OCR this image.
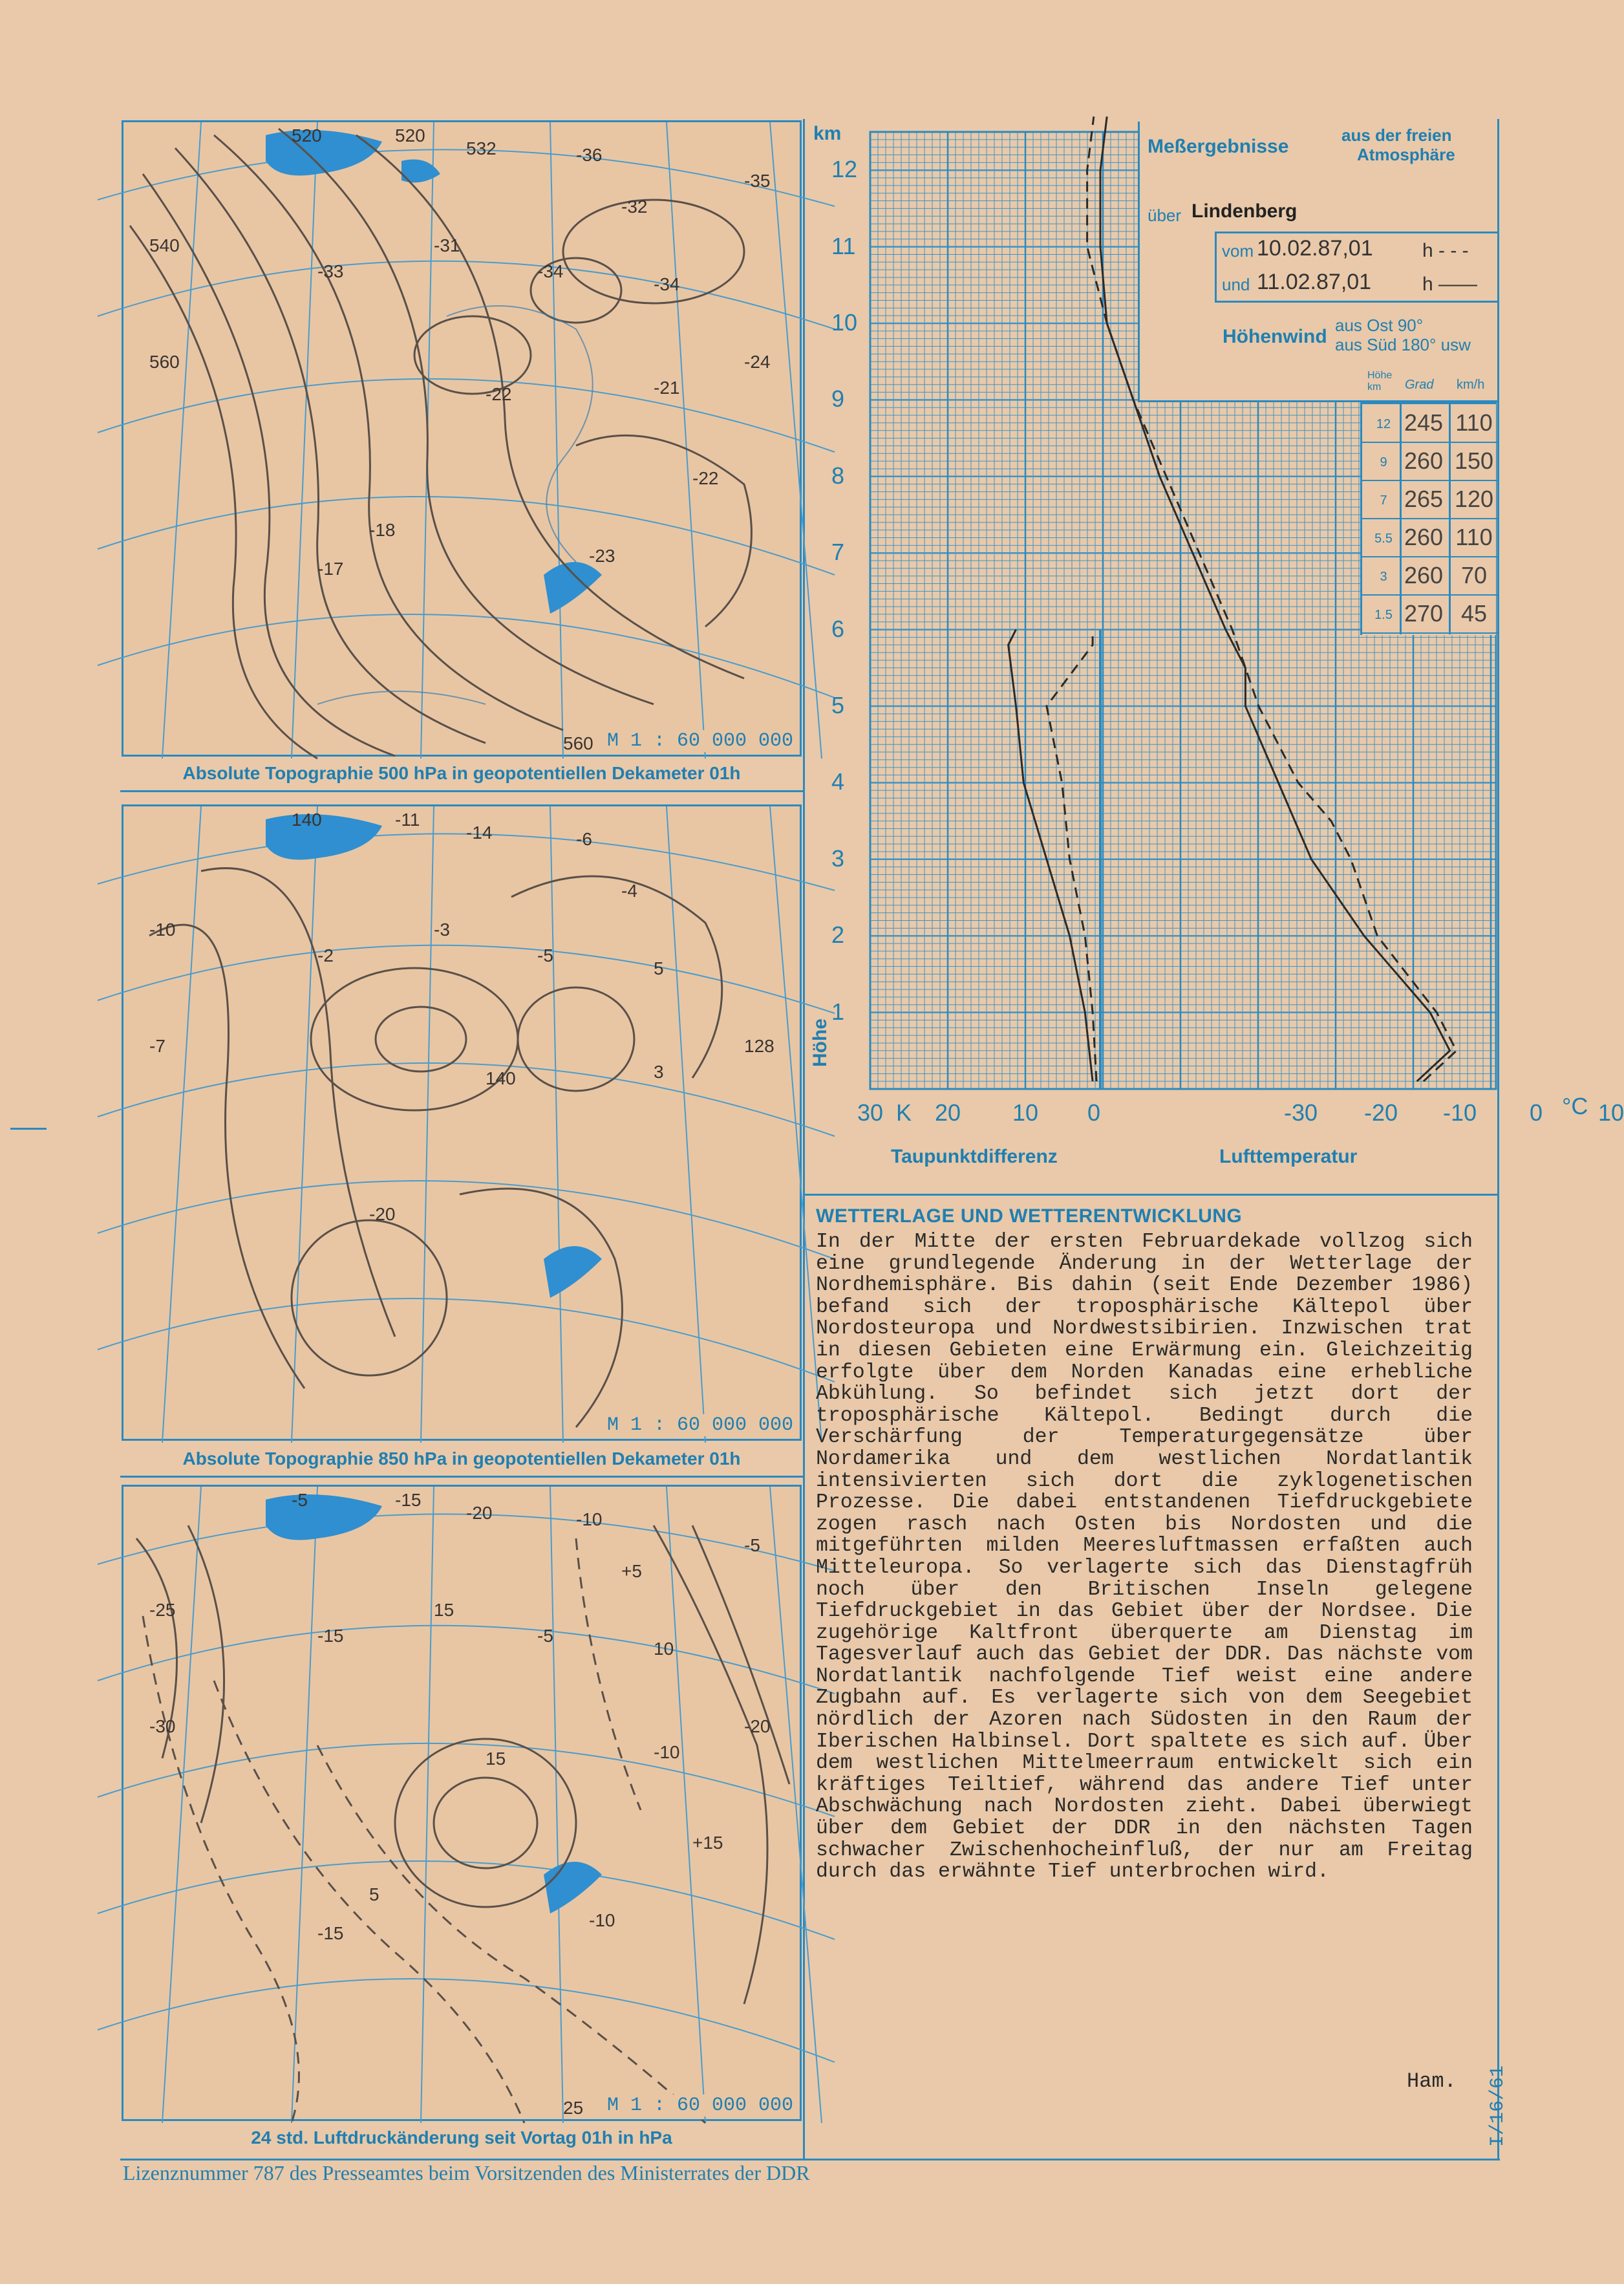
520	520
532
540
560
-36
-34
-32
-31
-33
-34
-24
-22	-21
-18
-17
-23
-22
-35
560 M 1 : 60 000 000
Absolute Topographie 500 hPa in geopotentiellen Dekameter 01h
140	-11
-14
-10
-7
-6
-5
-4
-3
-2
5
128
140	3
-20
M 1 : 60 000 000
Absolute Topographie 850 hPa in geopotentiellen Dekameter 01h
-5	-15
-20
-25
-30
-10
-5
+5
15
-15
10
-20
15	-10
5
-15
-10
+15
-5
25 M 1 : 60 000 000
24 std. Luftdruckänderung seit Vortag 01h in hPa
km
12
11
10
9
8
7
6
5
4
3
2
1
Höhe
30 K 20 10 0	-30 -20 -10 0 °C 10
Taupunktdifferenz	Lufttemperatur
Meßergebnisse
aus der freien
Atmosphäre
über Lindenberg
vom 10.02.87,01	h - - -
und 11.02.87,01	h ——
Höhenwind
aus Ost 90°
aus Süd 180° usw
Höhe km	Grad km/h
12 245 110
9 260 150
7 265 120
5.5 260 110
3 260 70
1.5 270 45
WETTERLAGE UND WETTERENTWICKLUNG
In der Mitte der ersten Februardekade vollzog sich eine grundlegende Änderung in der Wetterlage der Nordhemisphäre. Bis dahin (seit Ende Dezember 1986) befand sich der troposphärische Kältepol über Nordosteuropa und Nordwestsibirien. Inzwischen trat in diesen Gebieten eine Erwärmung ein. Gleichzeitig erfolgte über dem Norden Kanadas eine erhebliche Abkühlung. So befindet sich jetzt dort der troposphärische Kältepol. Bedingt durch die Verschärfung der Temperaturgegensätze über Nordamerika und dem westlichen Nordatlantik intensivierten sich dort die zyklogenetischen Prozesse. Die dabei entstandenen Tiefdruckgebiete zogen rasch nach Osten bis Nordosten und die mitgeführten milden Meeresluftmassen erfaßten auch Mitteleuropa. So verlagerte sich das Dienstagfrüh noch über den Britischen Inseln gelegene Tiefdruckgebiet in das Gebiet über der Nordsee. Die zugehörige Kaltfront überquerte am Dienstag im Tagesverlauf auch das Gebiet der DDR. Das nächste vom Nordatlantik nachfolgende Tief weist eine andere Zugbahn auf. Es verlagerte sich von dem Seegebiet nördlich der Azoren nach Südosten in den Raum der Iberischen Halbinsel. Dort spaltete es sich auf. Über dem westlichen Mittelmeerraum entwickelt sich ein kräftiges Teiltief, während das andere Tief unter Abschwächung nach Nordosten zieht. Dabei überwiegt über dem Gebiet der DDR in den nächsten Tagen schwacher Zwischenhocheinfluß, der nur am Freitag durch das erwähnte Tief unterbrochen wird.
Ham.
Lizenznummer 787 des Presseamtes beim Vorsitzenden des Ministerrates der DDR
I/16/61
